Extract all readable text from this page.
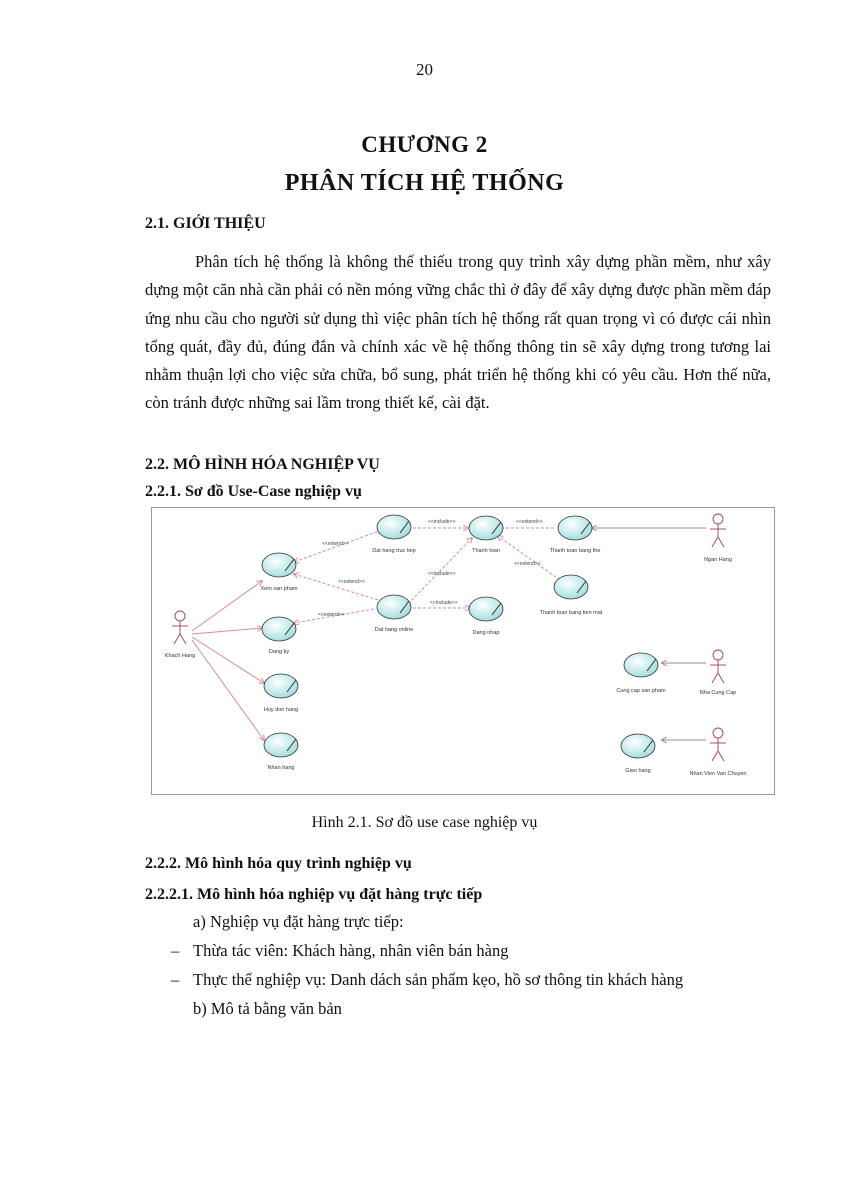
20
CHƯƠNG 2
PHÂN TÍCH HỆ THỐNG
2.1. GIỚI THIỆU

Phân tích hệ thống là không thể thiếu trong quy trình xây dựng phần mềm, như xây dựng một căn nhà cần phải có nền móng vững chắc thì ở đây để xây dựng được phần mềm đáp ứng nhu cầu cho người sử dụng thì việc phân tích hệ thống rất quan trọng vì có được cái nhìn tổng quát, đầy đủ, đúng đắn và chính xác về hệ thống thông tin sẽ xây dựng trong tương lai nhằm thuận lợi cho việc sửa chữa, bổ sung, phát triển hệ thống khi có yêu cầu. Hơn thế nữa, còn tránh được những sai lầm trong thiết kế, cài đặt.

2.2. MÔ HÌNH HÓA NGHIỆP VỤ
2.2.1. Sơ đồ Use-Case nghiệp vụ
<<extend>>
<<extend>>
<<extend>>
<<include>>
<<include>>
<<include>>
<<extend>>
<<extend>>
Xem san pham
Dang ky
Huy don hang
Nhan hang
Dat hang truc tiep
Dat hang online
Thanh toan
Dang nhap
Thanh toan bang the
Thanh toan bang tien mat
Cung cap san pham
Giao hang
Khach Hang
Ngan Hang
Nha Cung Cap
Nhan Vien Van Chuyen
Hình 2.1. Sơ đồ use case nghiệp vụ
2.2.2. Mô hình hóa quy trình nghiệp vụ
2.2.2.1. Mô hình hóa nghiệp vụ đặt hàng trực tiếp
a) Nghiệp vụ đặt hàng trực tiếp:
– Thừa tác viên: Khách hàng, nhân viên bán hàng
– Thực thể nghiệp vụ: Danh dách sản phẩm kẹo, hồ sơ thông tin khách hàng
b) Mô tả bằng văn bản
